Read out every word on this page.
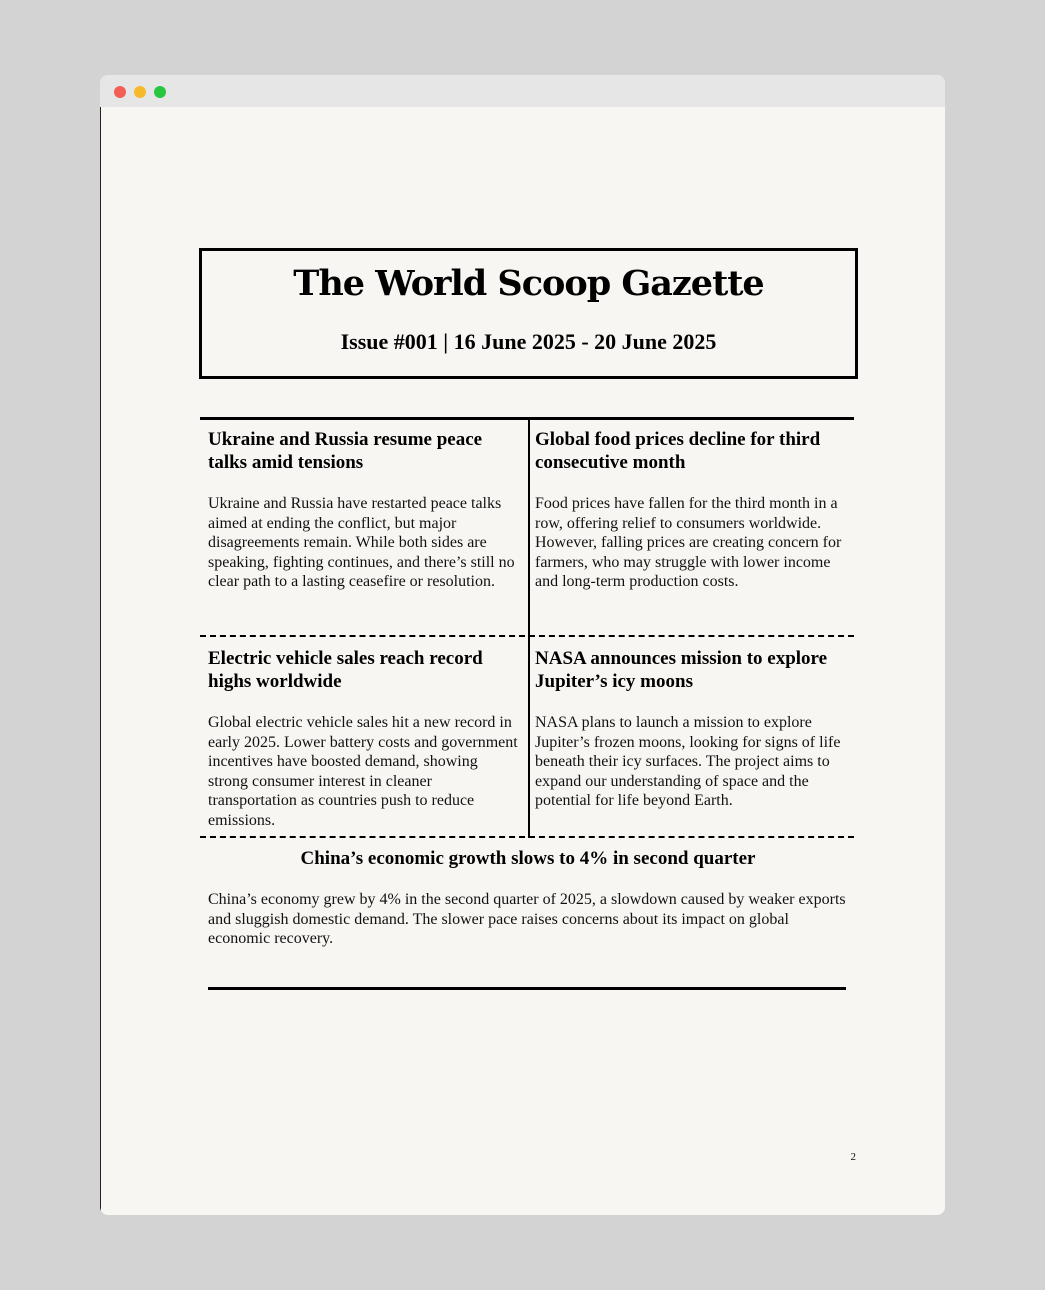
The World Scoop Gazette
Issue #001 | 16 June 2025 - 20 June 2025
Ukraine and Russia resume peace talks amid tensions

Ukraine and Russia have restarted peace talks aimed at ending the conflict, but major disagreements remain. While both sides are speaking, fighting continues, and there’s still no clear path to a lasting ceasefire or resolution.

Global food prices decline for third consecutive month

Food prices have fallen for the third month in a row, offering relief to consumers worldwide. However, falling prices are creating concern for farmers, who may struggle with lower income and long-term production costs.

Electric vehicle sales reach record highs worldwide

Global electric vehicle sales hit a new record in early 2025. Lower battery costs and government incentives have boosted demand, showing strong consumer interest in cleaner transportation as countries push to reduce emissions.

NASA announces mission to explore Jupiter’s icy moons

NASA plans to launch a mission to explore Jupiter’s frozen moons, looking for signs of life beneath their icy surfaces. The project aims to expand our understanding of space and the potential for life beyond Earth.

China’s economic growth slows to 4% in second quarter

China’s economy grew by 4% in the second quarter of 2025, a slowdown caused by weaker exports and sluggish domestic demand. The slower pace raises concerns about its impact on global economic recovery.

2
